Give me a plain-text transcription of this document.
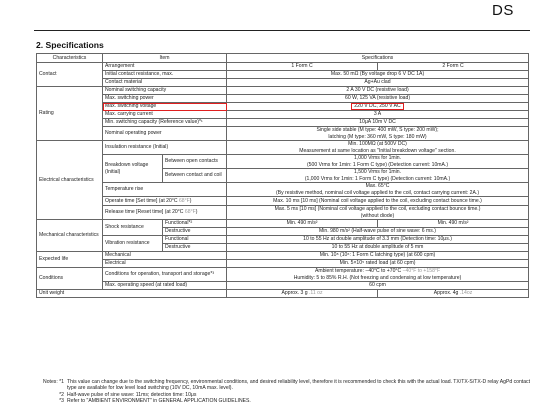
DS
2. Specifications
Characteristics	Item		Specifications	
Contact	Arrangement		1 Form C	2 Form C
	Initial contact resistance, max.		Max. 50 mΩ (By voltage drop 6 V DC 1A)	
	Contact material		Ag+Au clad	
Rating	Nominal switching capacity		2 A 30 V DC (resistive load)	
	Max. switching power		60 W, 125 VA (resistive load)	
	Max. switching voltage		220 V DC, 250 V AC	
	Max. carrying current		3 A	
	Min. switching capacity (Reference value)*¹		10μA 10m V DC	
	Nominal operating power		Single side stable (M type: 400 mW, S type: 200 mW);
latching (M type: 360 mW, S type: 180 mW)	
Electrical characteristics	Insulation resistance (Initial)		Min. 100MΩ (at 500V DC)
Measurement at same location as "Initial breakdown voltage" section.	
	Breakdown voltage (Initial)	Between open contacts	1,000 Vrms for 1min.
(500 Vrms for 1min: 1 Form C type) (Detection current: 10mA.)	
		Between contact and coil	1,500 Vrms for 1min.
(1,000 Vrms for 1min: 1 Form C type) (Detection current: 10mA.)	
	Temperature rise		Max. 65°C
(By resistive method, nominal coil voltage applied to the coil, contact carrying current: 2A.)	
	Operate time [Set time] (at 20°C 68°F)		Max. 10 ms [10 ms] (Nominal coil voltage applied to the coil, excluding contact bounce time.)	
	Release time [Reset time] (at 20°C 68°F)		Max. 5 ms [10 ms] (Nominal coil voltage applied to the coil, excluding contact bounce time.)
(without diode)	
Mechanical characteristics	Shock resistance	Functional*²	Min. 490 m/s²	Min. 490 m/s²
		Destructive	Min. 980 m/s² (Half-wave pulse of sine wave: 6 ms.)	
	Vibration resistance	Functional	10 to 55 Hz at double amplitude of 3.3 mm (Detection time: 10μs.)	
		Destructive	10 to 55 Hz at double amplitude of 5 mm	
Expected life	Mechanical		Min. 10⁸ (10⁶: 1 Form C latching type) (at 600 cpm)	
	Electrical		Min. 5×10⁵ rated load (at 60 cpm)	
Conditions	Conditions for operation, transport and storage*³		Ambient temperature: −40°C to +70°C −40°F to +158°F
Humidity: 5 to 85% R.H. (Not freezing and condensing at low temperature)	
	Max. operating speed (at rated load)		60 cpm	
Unit weight			Approx. 3 g .11 oz	Approx. 4g .14oz
Notes: *1 This value can change due to the switching frequency, environmental conditions, and desired reliability level, therefore it is recommended to check this with the actual load. TX/TX-S/TX-D relay AgPd contact type are available for low level load switching (10V DC, 10mA max. level).
*2 Half-wave pulse of sine wave: 11ms; detection time: 10μs
*3 Refer to "AMBIENT ENVIRONMENT" in GENERAL APPLICATION GUIDELINES.
